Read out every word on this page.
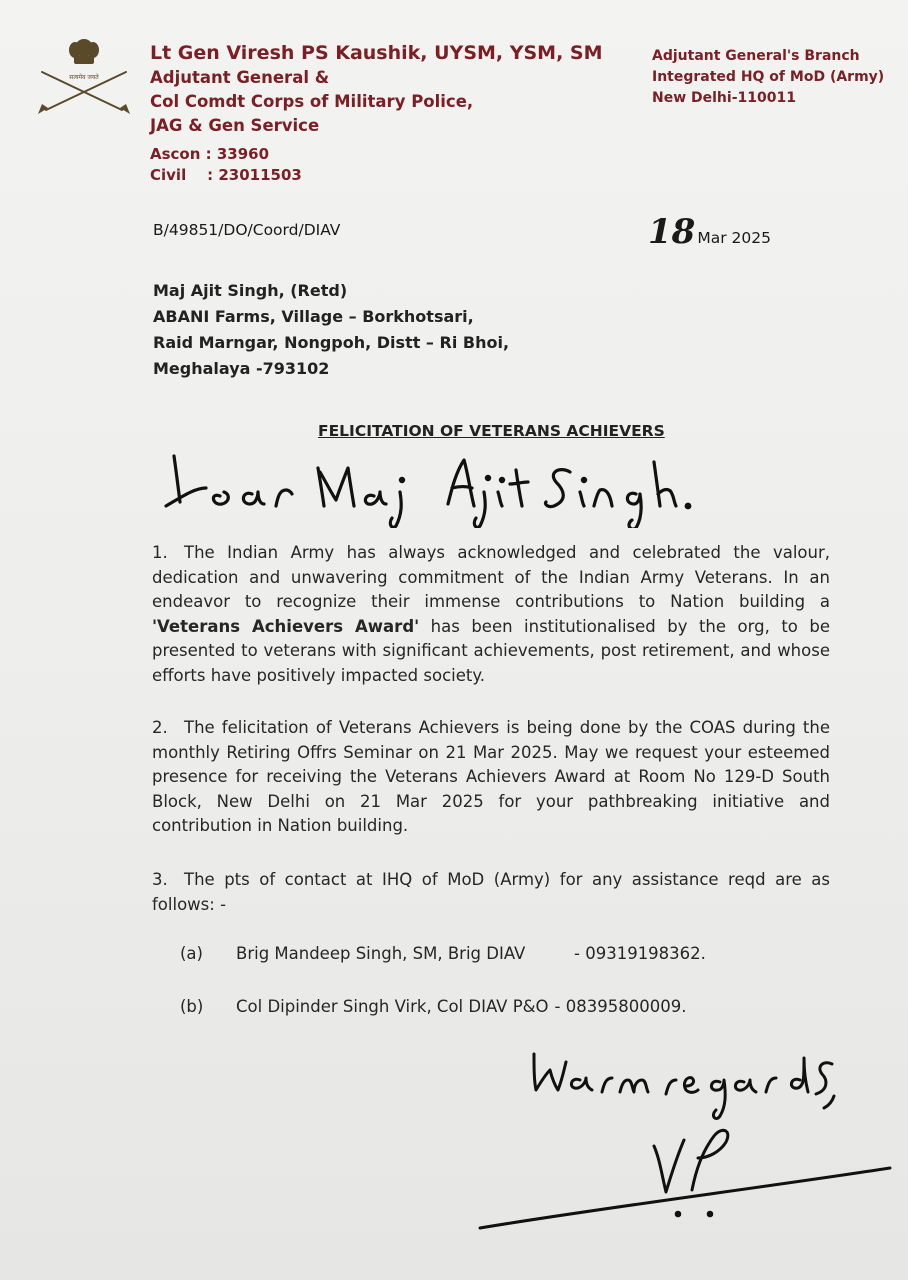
सत्यमेव जयते
Lt Gen Viresh PS Kaushik, UYSM, YSM, SM
Adjutant General &
Col Comdt Corps of Military Police,
JAG & Gen Service
Ascon : 33960
Civil    : 23011503
Adjutant General's Branch
Integrated HQ of MoD (Army)
New Delhi-110011
B/49851/DO/Coord/DIAV	18 Mar 2025
Maj Ajit Singh, (Retd)
ABANI Farms, Village – Borkhotsari,
Raid Marngar, Nongpoh, Distt – Ri Bhoi,
Meghalaya -793102
FELICITATION OF VETERANS ACHIEVERS
1. The Indian Army has always acknowledged and celebrated the valour, dedication and unwavering commitment of the Indian Army Veterans. In an endeavor to recognize their immense contributions to Nation building a 'Veterans Achievers Award' has been institutionalised by the org, to be presented to veterans with significant achievements, post retirement, and whose efforts have positively impacted society.
2. The felicitation of Veterans Achievers is being done by the COAS during the monthly Retiring Offrs Seminar on 21 Mar 2025. May we request your esteemed presence for receiving the Veterans Achievers Award at Room No 129-D South Block, New Delhi on 21 Mar 2025 for your pathbreaking initiative and contribution in Nation building.
3. The pts of contact at IHQ of MoD (Army) for any assistance reqd are as follows: -
(a) Brig Mandeep Singh, SM, Brig DIAV	- 09319198362.
(b) Col Dipinder Singh Virk, Col DIAV P&O - 08395800009.
